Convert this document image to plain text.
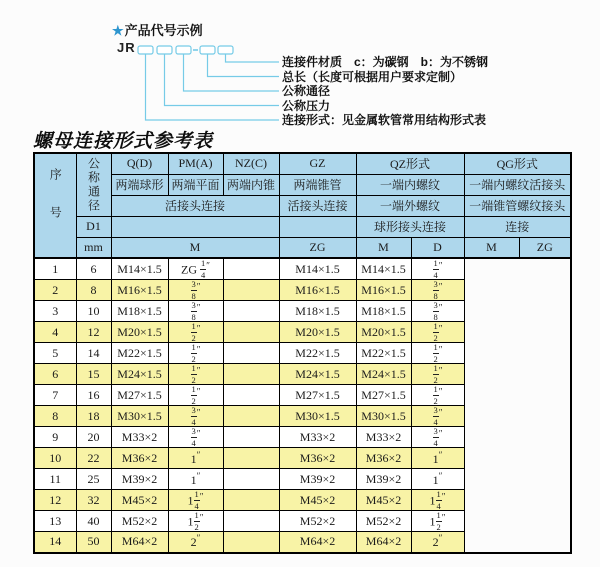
★产品代号示例
JR
连接件材质　c：为碳钢　b：为不锈钢
总长（长度可根据用户要求定制）
公称通径
公称压力
连接形式：见金属软管常用结构形式表
螺母连接形式参考表
序号	公称通径	Q(D)	PM(A)	NZ(C)	GZ	QZ形式		QG形式	
		两端球形	两端平面	两端内锥	两端锥管	一端内螺纹		一端内螺纹活接头	
		活接头连接			活接头连接	一端外螺纹		一端锥管螺纹接头	
	D1					球形接头连接		连接	
	mm	M			ZG	M	D	M	ZG
1	6	M14×1.5	ZG $\frac{1}{4} ''$		M14×1.5	M14×1.5	$\frac{1}{4} ''$
2	8	M16×1.5	$\frac{3}{8} ''$		M16×1.5	M16×1.5	$\frac{3}{8} ''$
3	10	M18×1.5	$\frac{3}{8} ''$		M18×1.5	M18×1.5	$\frac{3}{8} ''$
4	12	M20×1.5	$\frac{1}{2} ''$		M20×1.5	M20×1.5	$\frac{1}{2} ''$
5	14	M22×1.5	$\frac{1}{2} ''$		M22×1.5	M22×1.5	$\frac{1}{2} ''$
6	15	M24×1.5	$\frac{1}{2} ''$		M24×1.5	M24×1.5	$\frac{1}{2} ''$
7	16	M27×1.5	$\frac{1}{2} ''$		M27×1.5	M27×1.5	$\frac{1}{2} ''$
8	18	M30×1.5	$\frac{3}{4} ''$		M30×1.5	M30×1.5	$\frac{3}{4} ''$
9	20	M33×2	$\frac{3}{4} ''$		M33×2	M33×2	$\frac{3}{4} ''$
10	22	M36×2	1″		M36×2	M36×2	1″
11	25	M39×2	1″		M39×2	M39×2	1″
12	32	M45×2	$1 \frac{1}{4} ''$		M45×2	M45×2	$1 \frac{1}{4} ''$
13	40	M52×2	$1 \frac{1}{2} ''$		M52×2	M52×2	$1 \frac{1}{2} ''$
14	50	M64×2	2″		M64×2	M64×2	2″
